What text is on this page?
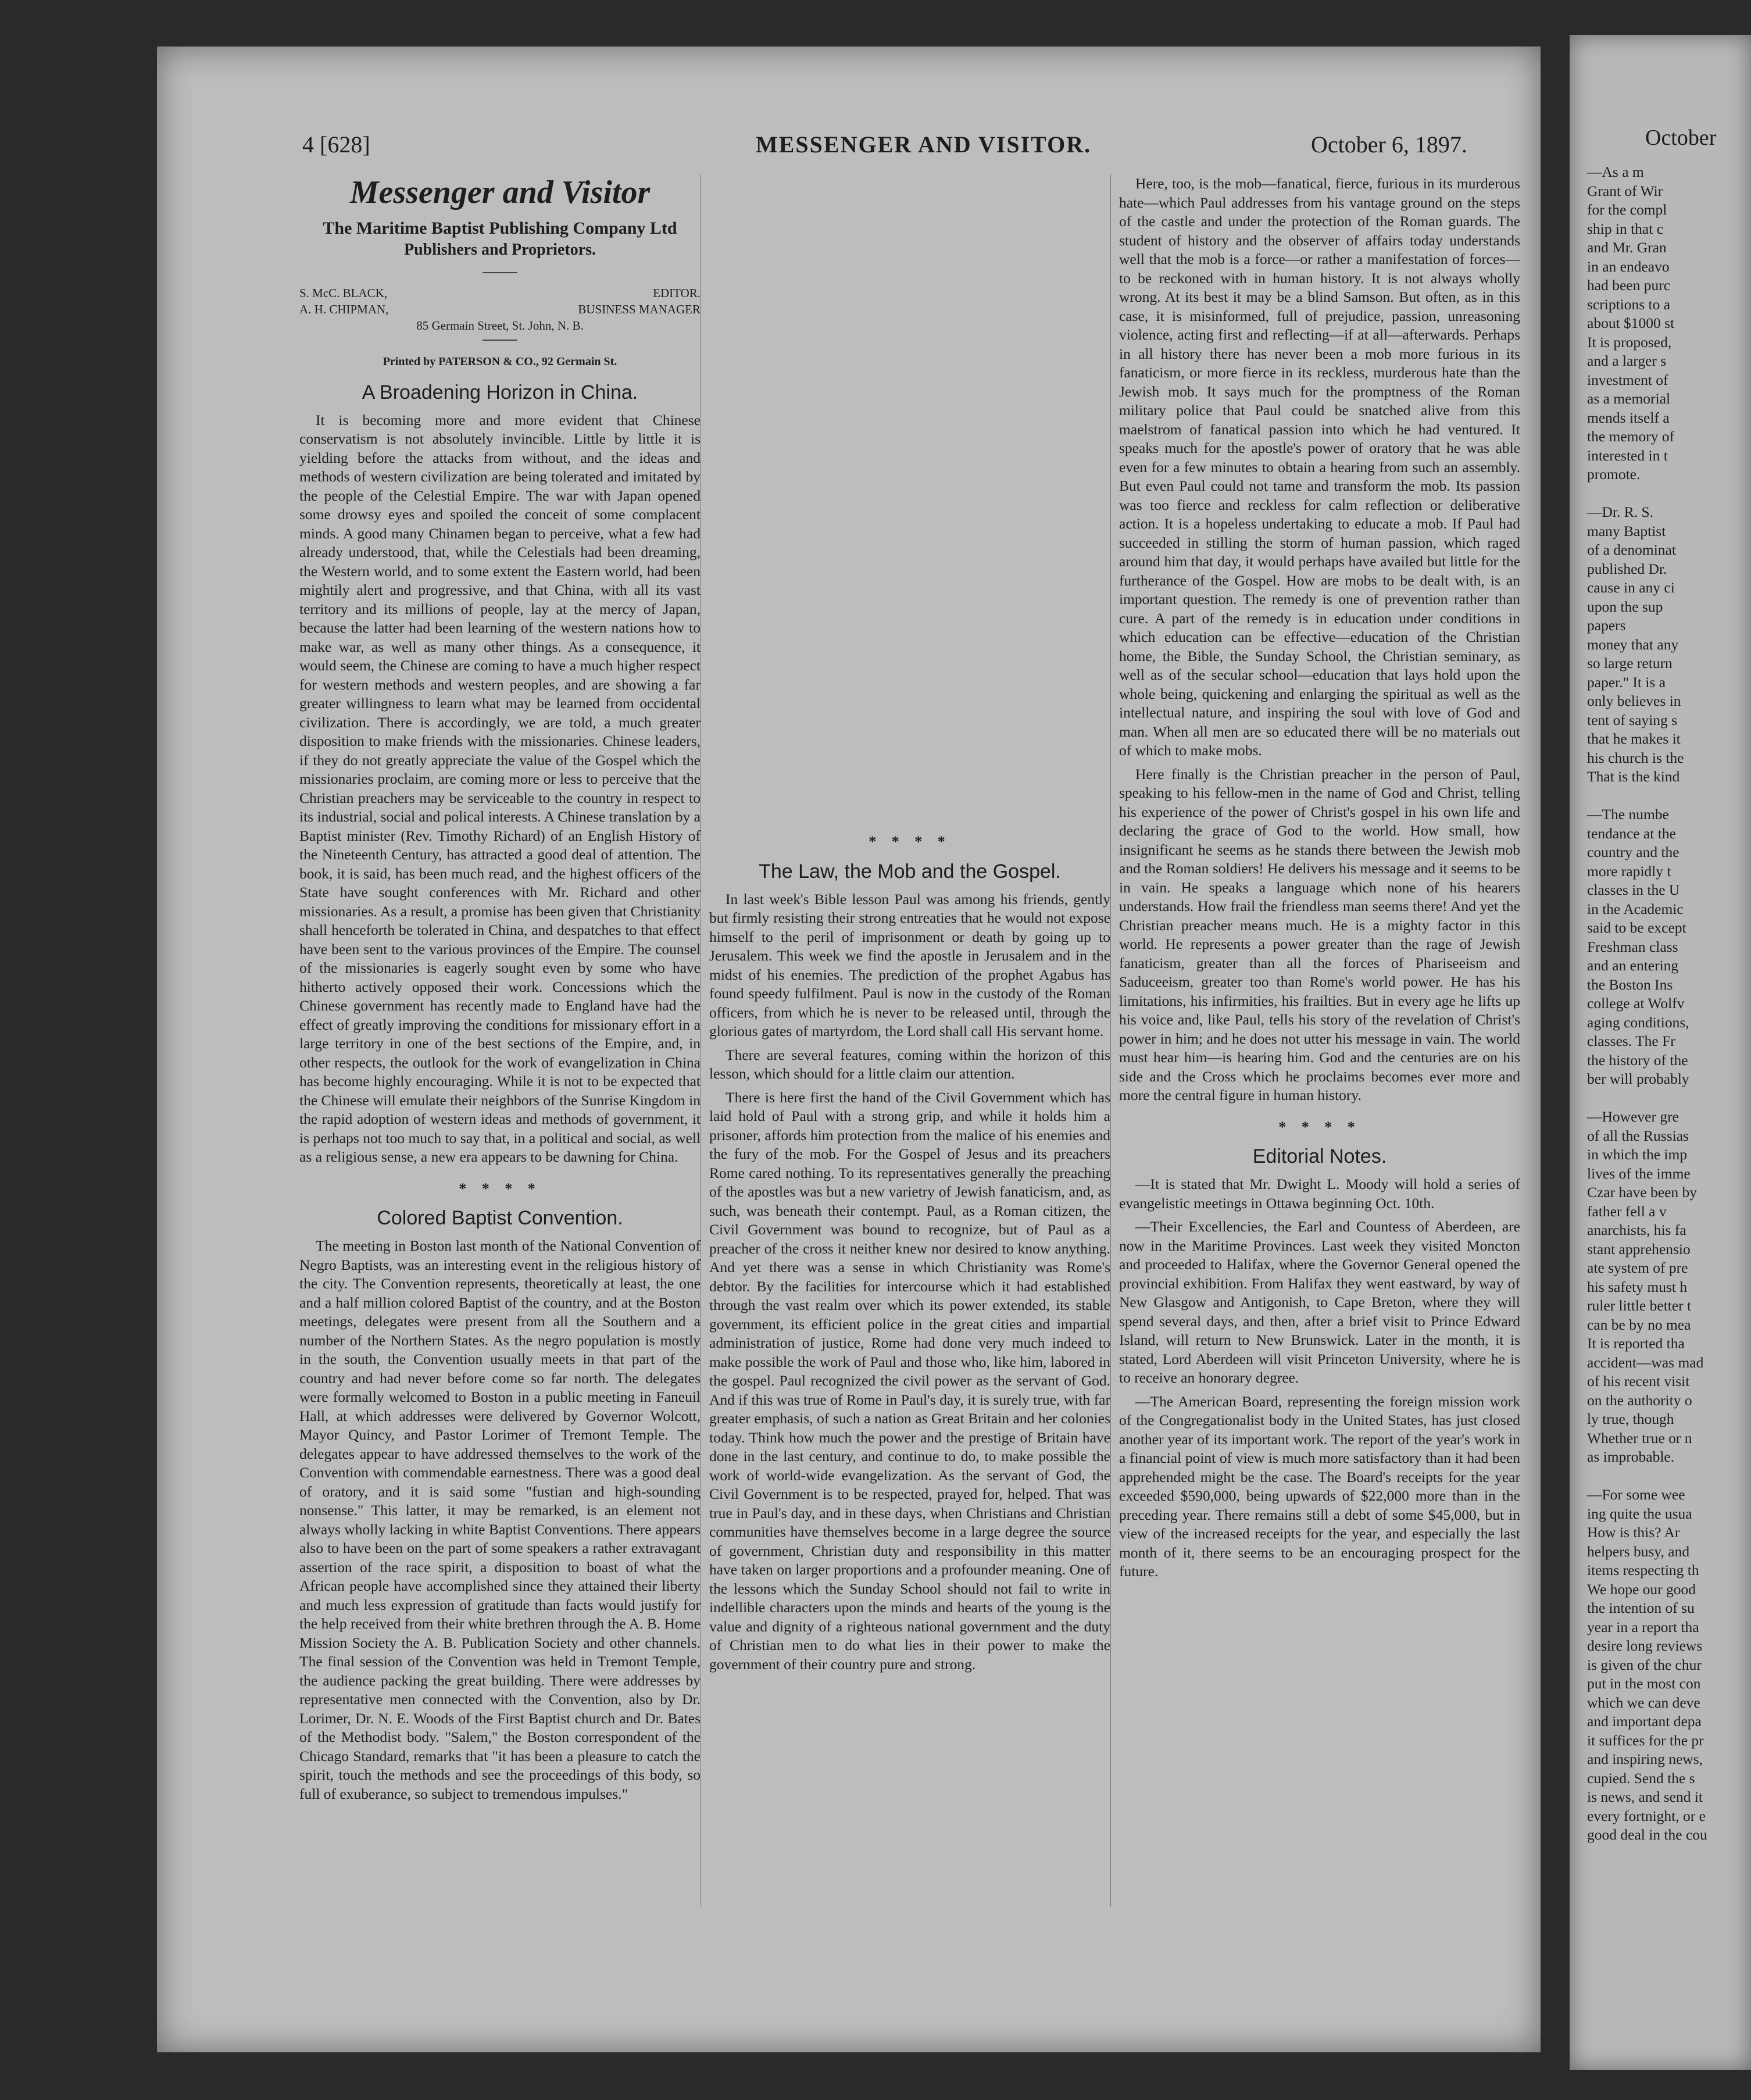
4 [628]	MESSENGER AND VISITOR.	October 6, 1897.
Messenger and Visitor
The Maritime Baptist Publishing Company Ltd
Publishers and Proprietors.
S. McC. BLACK,	EDITOR.
A. H. CHIPMAN,	BUSINESS MANAGER
85 Germain Street, St. John, N. B.
Printed by PATERSON & CO., 92 Germain St.
A Broadening Horizon in China.

It is becoming more and more evident that Chinese conservatism is not absolutely invincible. Little by little it is yielding before the attacks from without, and the ideas and methods of western civilization are being tolerated and imitated by the people of the Celestial Empire. The war with Japan opened some drowsy eyes and spoiled the conceit of some complacent minds. A good many Chinamen began to perceive, what a few had already understood, that, while the Celestials had been dreaming, the Western world, and to some extent the Eastern world, had been mightily alert and progressive, and that China, with all its vast territory and its millions of people, lay at the mercy of Japan, because the latter had been learning of the western nations how to make war, as well as many other things. As a consequence, it would seem, the Chinese are coming to have a much higher respect for western methods and western peoples, and are showing a far greater willingness to learn what may be learned from occidental civilization. There is accordingly, we are told, a much greater disposition to make friends with the missionaries. Chinese leaders, if they do not greatly appreciate the value of the Gospel which the missionaries proclaim, are coming more or less to perceive that the Christian preachers may be serviceable to the country in respect to its industrial, social and polical interests. A Chinese translation by a Baptist minister (Rev. Timothy Richard) of an English History of the Nineteenth Century, has attracted a good deal of attention. The book, it is said, has been much read, and the highest officers of the State have sought conferences with Mr. Richard and other missionaries. As a result, a promise has been given that Christianity shall henceforth be tolerated in China, and despatches to that effect have been sent to the various provinces of the Empire. The counsel of the missionaries is eagerly sought even by some who have hitherto actively opposed their work. Concessions which the Chinese government has recently made to England have had the effect of greatly improving the conditions for missionary effort in a large territory in one of the best sections of the Empire, and, in other respects, the outlook for the work of evangelization in China has become highly encouraging. While it is not to be expected that the Chinese will emulate their neighbors of the Sunrise Kingdom in the rapid adoption of western ideas and methods of government, it is perhaps not too much to say that, in a political and social, as well as a religious sense, a new era appears to be dawning for China.

* * * *
Colored Baptist Convention.

The meeting in Boston last month of the National Convention of Negro Baptists, was an interesting event in the religious history of the city. The Convention represents, theoretically at least, the one and a half million colored Baptist of the country, and at the Boston meetings, delegates were present from all the Southern and a number of the Northern States. As the negro population is mostly in the south, the Convention usually meets in that part of the country and had never before come so far north. The delegates were formally welcomed to Boston in a public meeting in Faneuil Hall, at which addresses were delivered by Governor Wolcott, Mayor Quincy, and Pastor Lorimer of Tremont Temple. The delegates appear to have addressed themselves to the work of the Convention with commendable earnestness. There was a good deal of oratory, and it is said some "fustian and high-sounding nonsense." This latter, it may be remarked, is an element not always wholly lacking in white Baptist Conventions. There appears also to have been on the part of some speakers a rather extravagant assertion of the race spirit, a disposition to boast of what the African people have accomplished since they attained their liberty and much less expression of gratitude than facts would justify for the help received from their white brethren through the A. B. Home Mission Society the A. B. Publication Society and other channels. The final session of the Convention was held in Tremont Temple, the audience packing the great building. There were addresses by representative men connected with the Convention, also by Dr. Lorimer, Dr. N. E. Woods of the First Baptist church and Dr. Bates of the Methodist body. "Salem," the Boston correspondent of the Chicago Standard, remarks that "it has been a pleasure to catch the spirit, touch the methods and see the proceedings of this body, so full of exuberance, so subject to tremendous impulses."

* * * *
The Law, the Mob and the Gospel.

In last week's Bible lesson Paul was among his friends, gently but firmly resisting their strong entreaties that he would not expose himself to the peril of imprisonment or death by going up to Jerusalem. This week we find the apostle in Jerusalem and in the midst of his enemies. The prediction of the prophet Agabus has found speedy fulfilment. Paul is now in the custody of the Roman officers, from which he is never to be released until, through the glorious gates of martyrdom, the Lord shall call His servant home.

There are several features, coming within the horizon of this lesson, which should for a little claim our attention.

There is here first the hand of the Civil Government which has laid hold of Paul with a strong grip, and while it holds him a prisoner, affords him protection from the malice of his enemies and the fury of the mob. For the Gospel of Jesus and its preachers Rome cared nothing. To its representatives generally the preaching of the apostles was but a new varietry of Jewish fanaticism, and, as such, was beneath their contempt. Paul, as a Roman citizen, the Civil Government was bound to recognize, but of Paul as a preacher of the cross it neither knew nor desired to know anything. And yet there was a sense in which Christianity was Rome's debtor. By the facilities for intercourse which it had established through the vast realm over which its power extended, its stable government, its efficient police in the great cities and impartial administration of justice, Rome had done very much indeed to make possible the work of Paul and those who, like him, labored in the gospel. Paul recognized the civil power as the servant of God. And if this was true of Rome in Paul's day, it is surely true, with far greater emphasis, of such a nation as Great Britain and her colonies today. Think how much the power and the prestige of Britain have done in the last century, and continue to do, to make possible the work of world-wide evangelization. As the servant of God, the Civil Government is to be respected, prayed for, helped. That was true in Paul's day, and in these days, when Christians and Christian communities have themselves become in a large degree the source of government, Christian duty and responsibility in this matter have taken on larger proportions and a profounder meaning. One of the lessons which the Sunday School should not fail to write in indellible characters upon the minds and hearts of the young is the value and dignity of a righteous national government and the duty of Christian men to do what lies in their power to make the government of their country pure and strong.

Here, too, is the mob—fanatical, fierce, furious in its murderous hate—which Paul addresses from his vantage ground on the steps of the castle and under the protection of the Roman guards. The student of history and the observer of affairs today understands well that the mob is a force—or rather a manifestation of forces—to be reckoned with in human history. It is not always wholly wrong. At its best it may be a blind Samson. But often, as in this case, it is misinformed, full of prejudice, passion, unreasoning violence, acting first and reflecting—if at all—afterwards. Perhaps in all history there has never been a mob more furious in its fanaticism, or more fierce in its reckless, murderous hate than the Jewish mob. It says much for the promptness of the Roman military police that Paul could be snatched alive from this maelstrom of fanatical passion into which he had ventured. It speaks much for the apostle's power of oratory that he was able even for a few minutes to obtain a hearing from such an assembly. But even Paul could not tame and transform the mob. Its passion was too fierce and reckless for calm reflection or deliberative action. It is a hopeless undertaking to educate a mob. If Paul had succeeded in stilling the storm of human passion, which raged around him that day, it would perhaps have availed but little for the furtherance of the Gospel. How are mobs to be dealt with, is an important question. The remedy is one of prevention rather than cure. A part of the remedy is in education under conditions in which education can be effective—education of the Christian home, the Bible, the Sunday School, the Christian seminary, as well as of the secular school—education that lays hold upon the whole being, quickening and enlarging the spiritual as well as the intellectual nature, and inspiring the soul with love of God and man. When all men are so educated there will be no materials out of which to make mobs.

Here finally is the Christian preacher in the person of Paul, speaking to his fellow-men in the name of God and Christ, telling his experience of the power of Christ's gospel in his own life and declaring the grace of God to the world. How small, how insignificant he seems as he stands there between the Jewish mob and the Roman soldiers! He delivers his message and it seems to be in vain. He speaks a language which none of his hearers understands. How frail the friendless man seems there! And yet the Christian preacher means much. He is a mighty factor in this world. He represents a power greater than the rage of Jewish fanaticism, greater than all the forces of Phariseeism and Saduceeism, greater too than Rome's world power. He has his limitations, his infirmities, his frailties. But in every age he lifts up his voice and, like Paul, tells his story of the revelation of Christ's power in him; and he does not utter his message in vain. The world must hear him—is hearing him. God and the centuries are on his side and the Cross which he proclaims becomes ever more and more the central figure in human history.

* * * *
Editorial Notes.

—It is stated that Mr. Dwight L. Moody will hold a series of evangelistic meetings in Ottawa beginning Oct. 10th.

—Their Excellencies, the Earl and Countess of Aberdeen, are now in the Maritime Provinces. Last week they visited Moncton and proceeded to Halifax, where the Governor General opened the provincial exhibition. From Halifax they went eastward, by way of New Glasgow and Antigonish, to Cape Breton, where they will spend several days, and then, after a brief visit to Prince Edward Island, will return to New Brunswick. Later in the month, it is stated, Lord Aberdeen will visit Princeton University, where he is to receive an honorary degree.

—The American Board, representing the foreign mission work of the Congregationalist body in the United States, has just closed another year of its important work. The report of the year's work in a financial point of view is much more satisfactory than it had been apprehended might be the case. The Board's receipts for the year exceeded $590,000, being upwards of $22,000 more than in the preceding year. There remains still a debt of some $45,000, but in view of the increased receipts for the year, and especially the last month of it, there seems to be an encouraging prospect for the future.

October
—As a m
Grant of Wir
for the compl
ship in that c
and Mr. Gran
in an endeavo
had been purc
scriptions to a
about $1000 st
It is proposed,
and a larger s
investment of
as a memorial
mends itself a
the memory of
interested in t
promote.

—Dr. R. S.
many Baptist
of a denominat
published Dr.
cause in any ci
upon the sup
papers
money that any
so large return
paper." It is a
only believes in
tent of saying s
that he makes it
his church is the
That is the kind

—The numbe
tendance at the
country and the
more rapidly t
classes in the U
in the Academic
said to be except
Freshman class
and an entering
the Boston Ins
college at Wolfv
aging conditions,
classes. The Fr
the history of the
ber will probably

—However gre
of all the Russias
in which the imp
lives of the imme
Czar have been by
father fell a v
anarchists, his fa
stant apprehensio
ate system of pre
his safety must h
ruler little better t
can be by no mea
It is reported tha
accident—was mad
of his recent visit
on the authority o
ly true, though
Whether true or n
as improbable.

—For some wee
ing quite the usua
How is this? Ar
helpers busy, and
items respecting th
We hope our good
the intention of su
year in a report tha
desire long reviews
is given of the chur
put in the most con
which we can deve
and important depa
it suffices for the pr
and inspiring news,
cupied. Send the s
is news, and send it
every fortnight, or e
good deal in the cou
